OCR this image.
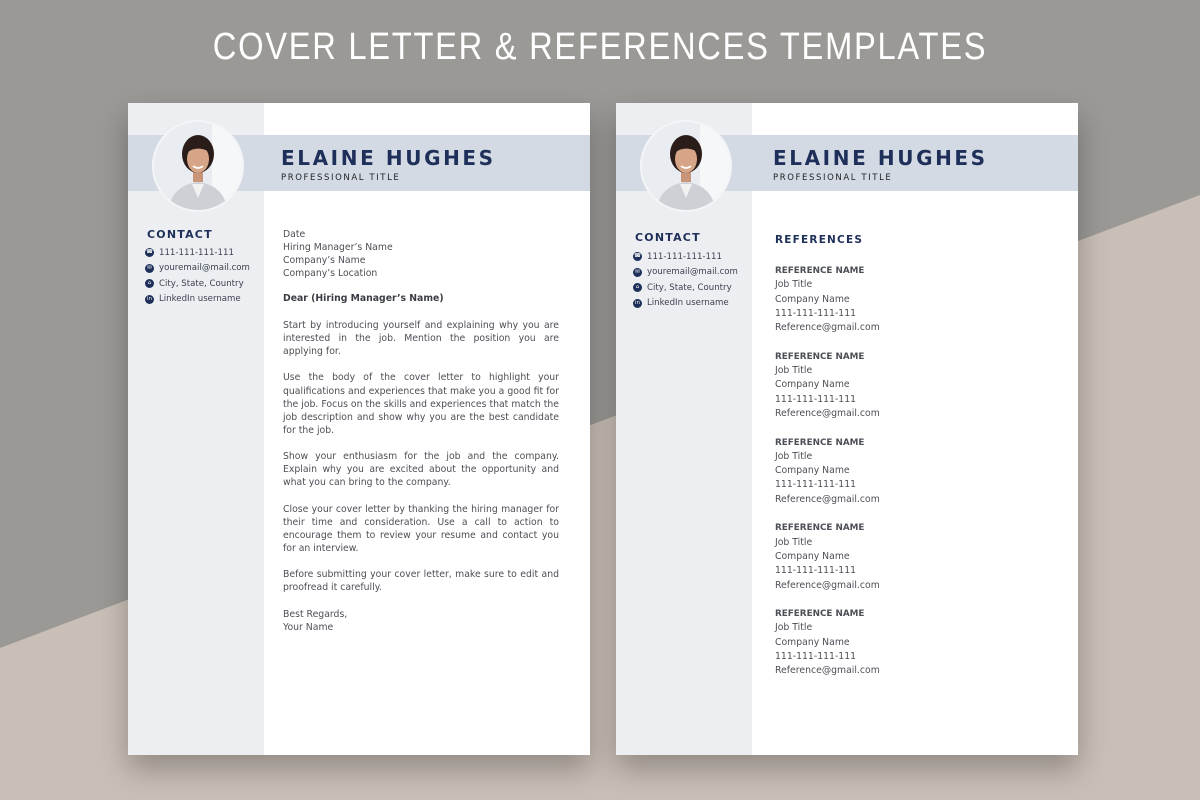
COVER LETTER & REFERENCES TEMPLATES
ELAINE HUGHES
PROFESSIONAL TITLE
CONTACT
☎ 111-111-111-111
✉ youremail@mail.com
⌂ City, State, Country
in LinkedIn username
Date
Hiring Manager’s Name
Company’s Name
Company’s Location
Dear (Hiring Manager’s Name)

Start by introducing yourself and explaining why you are interested in the job. Mention the position you are applying for.

Use the body of the cover letter to highlight your qualifications and experiences that make you a good fit for the job. Focus on the skills and experiences that match the job description and show why you are the best candidate for the job.

Show your enthusiasm for the job and the company. Explain why you are excited about the opportunity and what you can bring to the company.

Close your cover letter by thanking the hiring manager for their time and consideration. Use a call to action to encourage them to review your resume and contact you for an interview.

Before submitting your cover letter, make sure to edit and proofread it carefully.

Best Regards,
Your Name
ELAINE HUGHES
PROFESSIONAL TITLE
CONTACT
☎ 111-111-111-111
✉ youremail@mail.com
⌂ City, State, Country
in LinkedIn username
REFERENCES
REFERENCE NAME
Job Title
Company Name
111-111-111-111
Reference@gmail.com
REFERENCE NAME
Job Title
Company Name
111-111-111-111
Reference@gmail.com
REFERENCE NAME
Job Title
Company Name
111-111-111-111
Reference@gmail.com
REFERENCE NAME
Job Title
Company Name
111-111-111-111
Reference@gmail.com
REFERENCE NAME
Job Title
Company Name
111-111-111-111
Reference@gmail.com
